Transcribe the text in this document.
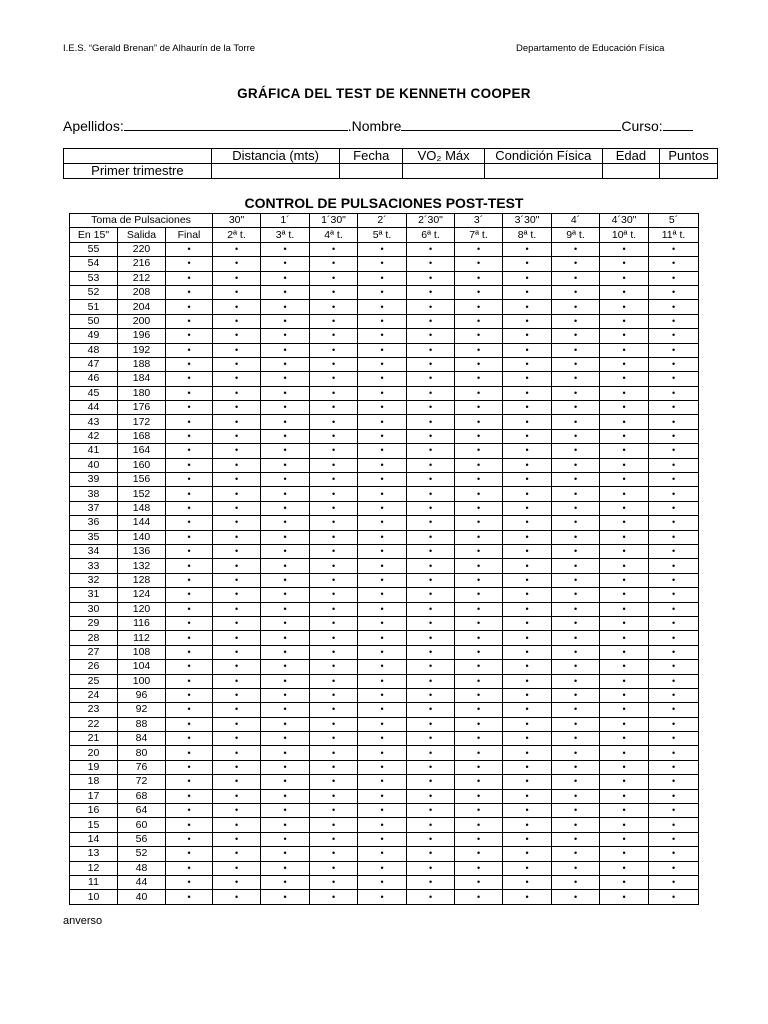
I.E.S. “Gerald Brenan” de Alhaurín de la Torre	Departamento de Educación Física
GRÁFICA DEL TEST DE KENNETH COOPER
Apellidos:	.Nombre	Curso:
	Distancia (mts)	Fecha	VO₂ Máx	Condición Física	Edad	Puntos
Primer trimestre						
CONTROL DE PULSACIONES POST-TEST
Toma de Pulsaciones			30"	1´	1´30"	2´	2´30"	3´	3´30"	4´	4´30"	5´
En 15"	Salida	Final	2ª t.	3ª t.	4ª t.	5ª t.	6ª t.	7ª t.	8ª t.	9ª t.	10ª t.	11ª t.
55	220	•	•	•	•	•	•	•	•	•	•	•
54	216	•	•	•	•	•	•	•	•	•	•	•
53	212	•	•	•	•	•	•	•	•	•	•	•
52	208	•	•	•	•	•	•	•	•	•	•	•
51	204	•	•	•	•	•	•	•	•	•	•	•
50	200	•	•	•	•	•	•	•	•	•	•	•
49	196	•	•	•	•	•	•	•	•	•	•	•
48	192	•	•	•	•	•	•	•	•	•	•	•
47	188	•	•	•	•	•	•	•	•	•	•	•
46	184	•	•	•	•	•	•	•	•	•	•	•
45	180	•	•	•	•	•	•	•	•	•	•	•
44	176	•	•	•	•	•	•	•	•	•	•	•
43	172	•	•	•	•	•	•	•	•	•	•	•
42	168	•	•	•	•	•	•	•	•	•	•	•
41	164	•	•	•	•	•	•	•	•	•	•	•
40	160	•	•	•	•	•	•	•	•	•	•	•
39	156	•	•	•	•	•	•	•	•	•	•	•
38	152	•	•	•	•	•	•	•	•	•	•	•
37	148	•	•	•	•	•	•	•	•	•	•	•
36	144	•	•	•	•	•	•	•	•	•	•	•
35	140	•	•	•	•	•	•	•	•	•	•	•
34	136	•	•	•	•	•	•	•	•	•	•	•
33	132	•	•	•	•	•	•	•	•	•	•	•
32	128	•	•	•	•	•	•	•	•	•	•	•
31	124	•	•	•	•	•	•	•	•	•	•	•
30	120	•	•	•	•	•	•	•	•	•	•	•
29	116	•	•	•	•	•	•	•	•	•	•	•
28	112	•	•	•	•	•	•	•	•	•	•	•
27	108	•	•	•	•	•	•	•	•	•	•	•
26	104	•	•	•	•	•	•	•	•	•	•	•
25	100	•	•	•	•	•	•	•	•	•	•	•
24	96	•	•	•	•	•	•	•	•	•	•	•
23	92	•	•	•	•	•	•	•	•	•	•	•
22	88	•	•	•	•	•	•	•	•	•	•	•
21	84	•	•	•	•	•	•	•	•	•	•	•
20	80	•	•	•	•	•	•	•	•	•	•	•
19	76	•	•	•	•	•	•	•	•	•	•	•
18	72	•	•	•	•	•	•	•	•	•	•	•
17	68	•	•	•	•	•	•	•	•	•	•	•
16	64	•	•	•	•	•	•	•	•	•	•	•
15	60	•	•	•	•	•	•	•	•	•	•	•
14	56	•	•	•	•	•	•	•	•	•	•	•
13	52	•	•	•	•	•	•	•	•	•	•	•
12	48	•	•	•	•	•	•	•	•	•	•	•
11	44	•	•	•	•	•	•	•	•	•	•	•
10	40	•	•	•	•	•	•	•	•	•	•	•
anverso
